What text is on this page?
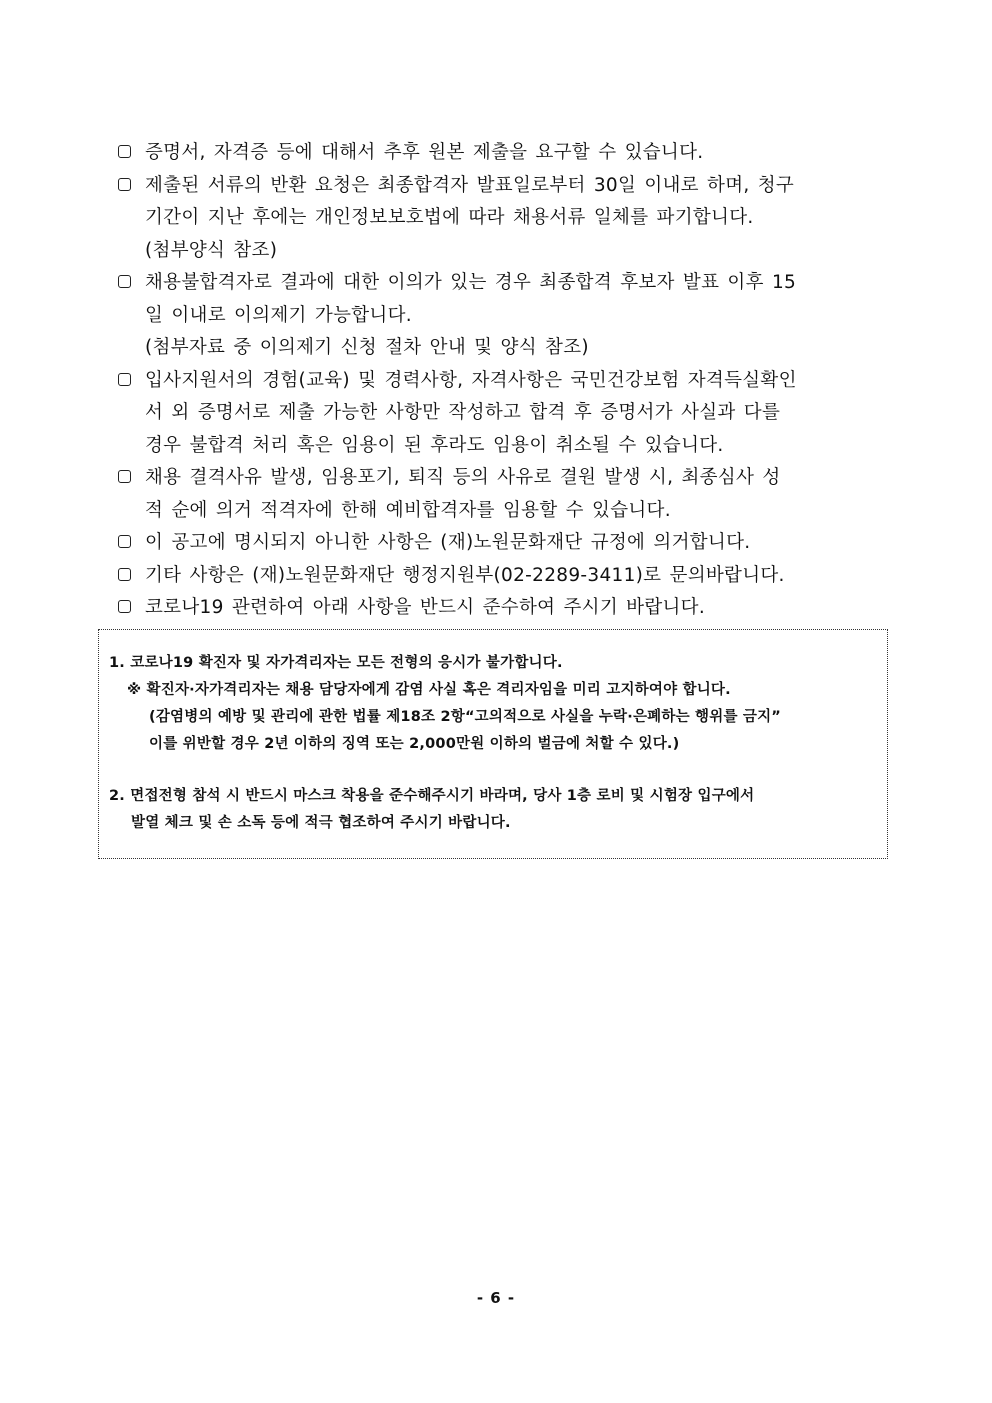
증명서, 자격증 등에 대해서 추후 원본 제출을 요구할 수 있습니다.
제출된 서류의 반환 요청은 최종합격자 발표일로부터 30일 이내로 하며, 청구
기간이 지난 후에는 개인정보보호법에 따라 채용서류 일체를 파기합니다.
(첨부양식 참조)
채용불합격자로 결과에 대한 이의가 있는 경우 최종합격 후보자 발표 이후 15
일 이내로 이의제기 가능합니다.
(첨부자료 중 이의제기 신청 절차 안내 및 양식 참조)
입사지원서의 경험(교육) 및 경력사항, 자격사항은 국민건강보험 자격득실확인
서 외 증명서로 제출 가능한 사항만 작성하고 합격 후 증명서가 사실과 다를
경우 불합격 처리 혹은 임용이 된 후라도 임용이 취소될 수 있습니다.
채용 결격사유 발생, 임용포기, 퇴직 등의 사유로 결원 발생 시, 최종심사 성
적 순에 의거 적격자에 한해 예비합격자를 임용할 수 있습니다.
이 공고에 명시되지 아니한 사항은 (재)노원문화재단 규정에 의거합니다.
기타 사항은 (재)노원문화재단 행정지원부(02-2289-3411)로 문의바랍니다.
코로나19 관련하여 아래 사항을 반드시 준수하여 주시기 바랍니다.
1. 코로나19 확진자 및 자가격리자는 모든 전형의 응시가 불가합니다.
※ 확진자·자가격리자는 채용 담당자에게 감염 사실 혹은 격리자임을 미리 고지하여야 합니다.
(감염병의 예방 및 관리에 관한 법률 제18조 2항“고의적으로 사실을 누락·은폐하는 행위를 금지”
이를 위반할 경우 2년 이하의 징역 또는 2,000만원 이하의 벌금에 처할 수 있다.)
2. 면접전형 참석 시 반드시 마스크 착용을 준수해주시기 바라며, 당사 1층 로비 및 시험장 입구에서
발열 체크 및 손 소독 등에 적극 협조하여 주시기 바랍니다.
- 6 -
